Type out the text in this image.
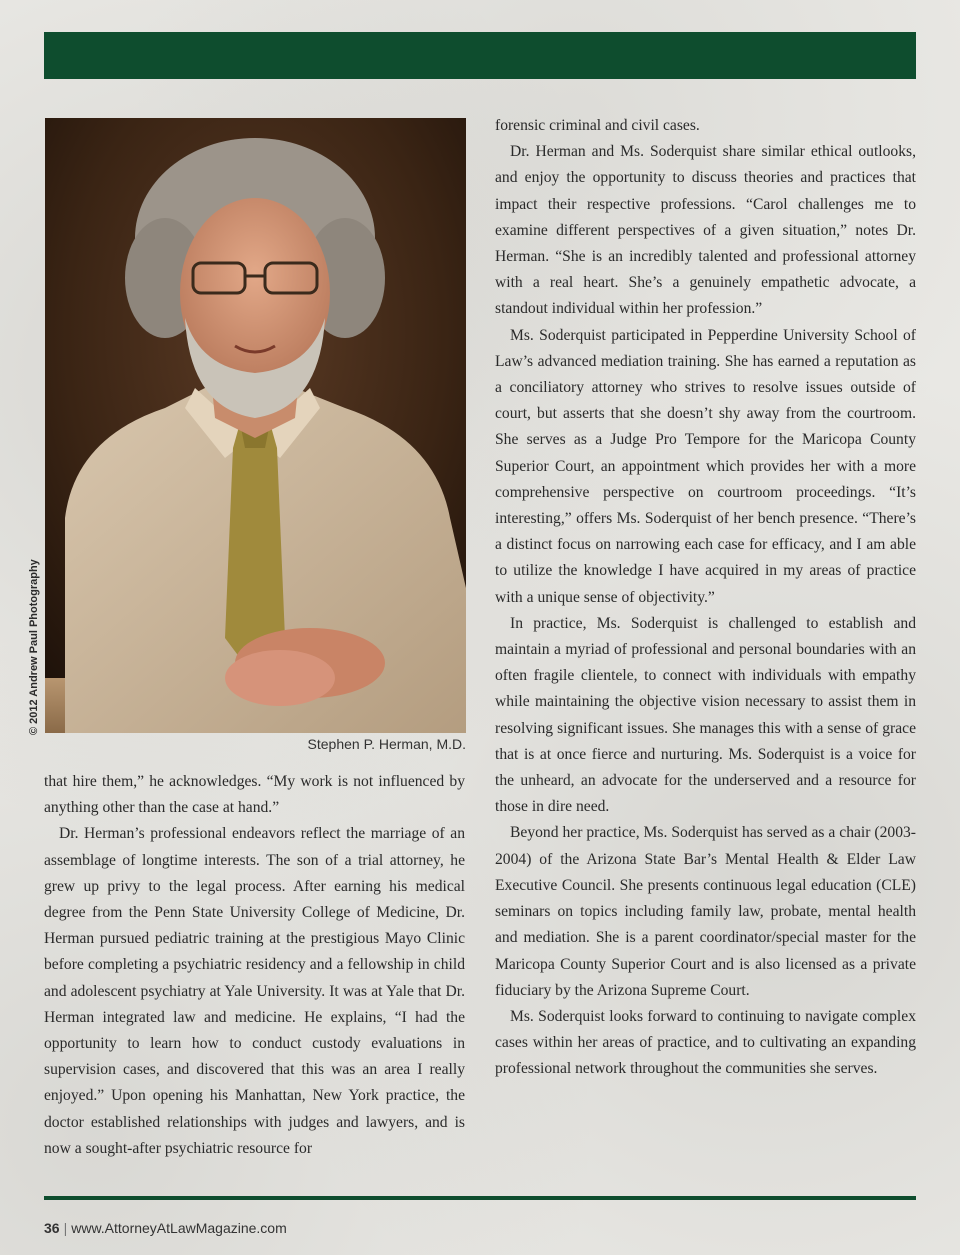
© 2012 Andrew Paul Photography
Stephen P. Herman, M.D.

that hire them,” he acknowledges. “My work is not influenced by anything other than the case at hand.”

Dr. Herman’s professional endeavors reflect the marriage of an assemblage of longtime interests. The son of a trial attorney, he grew up privy to the legal process. After earning his medical degree from the Penn State University College of Medicine, Dr. Herman pursued pediatric training at the prestigious Mayo Clinic before completing a psychiatric residency and a fellowship in child and adolescent psychiatry at Yale University. It was at Yale that Dr. Herman integrated law and medicine. He explains, “I had the opportunity to learn how to conduct custody evaluations in supervision cases, and discovered that this was an area I really enjoyed.” Upon opening his Manhattan, New York practice, the doctor established relationships with judges and lawyers, and is now a sought-after psychiatric resource for

forensic criminal and civil cases.

Dr. Herman and Ms. Soderquist share similar ethical outlooks, and enjoy the opportunity to discuss theories and practices that impact their respective professions. “Carol challenges me to examine different perspectives of a given situation,” notes Dr. Herman. “She is an incredibly talented and professional attorney with a real heart. She’s a genuinely empathetic advocate, a standout individual within her profession.”

Ms. Soderquist participated in Pepperdine University School of Law’s advanced mediation training. She has earned a reputation as a conciliatory attorney who strives to resolve issues outside of court, but asserts that she doesn’t shy away from the courtroom. She serves as a Judge Pro Tempore for the Maricopa County Superior Court, an appointment which provides her with a more comprehensive perspective on courtroom proceedings. “It’s interesting,” offers Ms. Soderquist of her bench presence. “There’s a distinct focus on narrowing each case for efficacy, and I am able to utilize the knowledge I have acquired in my areas of practice with a unique sense of objectivity.”

In practice, Ms. Soderquist is challenged to establish and maintain a myriad of professional and personal boundaries with an often fragile clientele, to connect with individuals with empathy while maintaining the objective vision necessary to assist them in resolving significant issues. She manages this with a sense of grace that is at once fierce and nurturing. Ms. Soderquist is a voice for the unheard, an advocate for the underserved and a resource for those in dire need.

Beyond her practice, Ms. Soderquist has served as a chair (2003-2004) of the Arizona State Bar’s Mental Health & Elder Law Executive Council. She presents continuous legal education (CLE) seminars on topics including family law, probate, mental health and mediation. She is a parent coordinator/special master for the Maricopa County Superior Court and is also licensed as a private fiduciary by the Arizona Supreme Court.

Ms. Soderquist looks forward to continuing to navigate complex cases within her areas of practice, and to cultivating an expanding professional network throughout the communities she serves.

36 | www.AttorneyAtLawMagazine.com
